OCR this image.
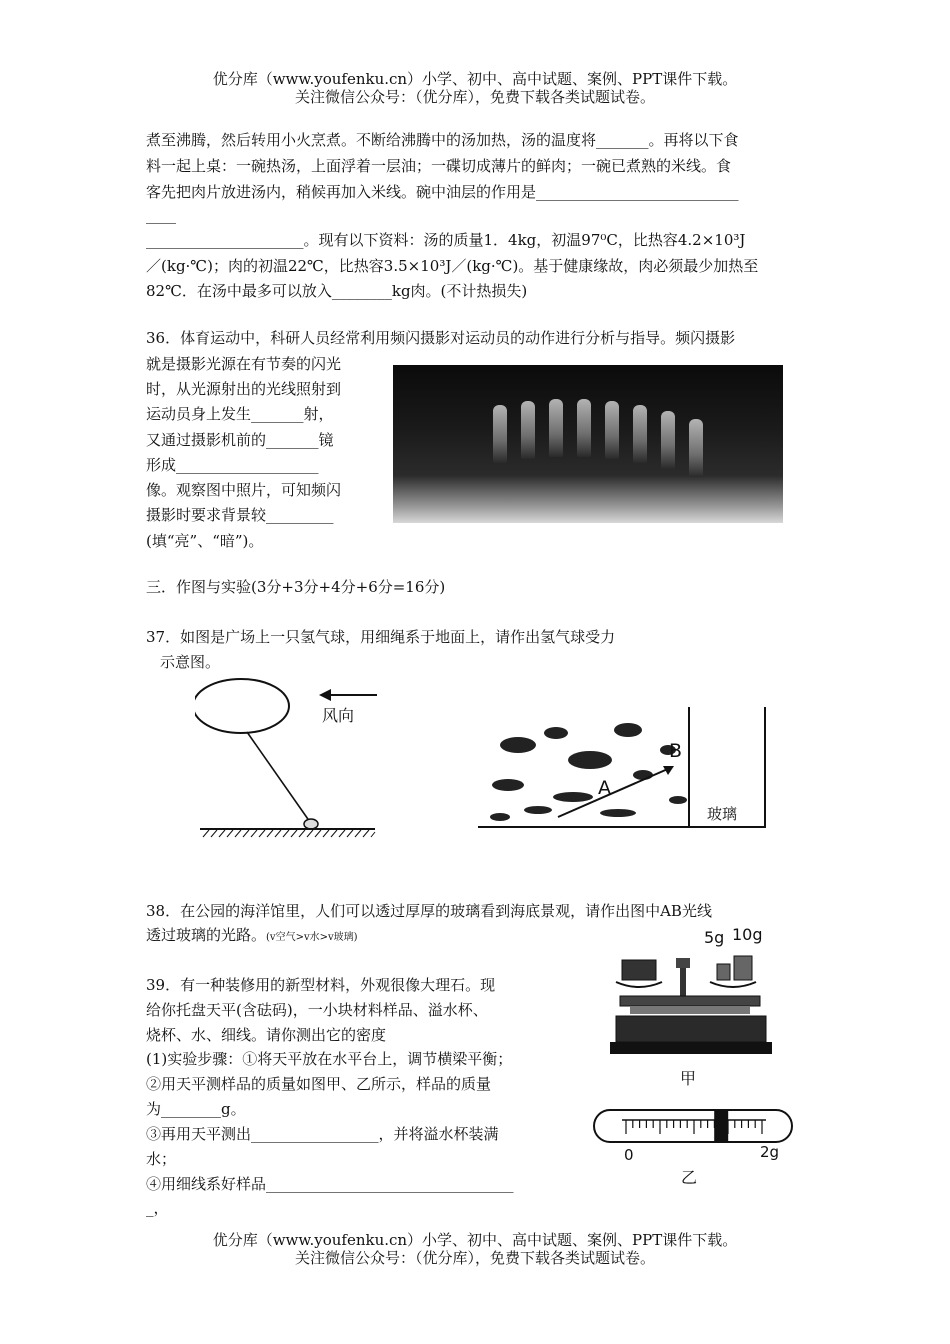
优分库（www.youfenku.cn）小学、初中、高中试题、案例、PPT课件下载。
关注微信公众号：（优分库），免费下载各类试题试卷。
煮至沸腾，然后转用小火烹煮。不断给沸腾中的汤加热，汤的温度将_______。再将以下食
料一起上桌：一碗热汤，上面浮着一层油；一碟切成薄片的鲜肉；一碗已煮熟的米线。食
客先把肉片放进汤内，稍候再加入米线。碗中油层的作用是___________________________
____
_____________________。现有以下资料：汤的质量1．4kg，初温97⁰C，比热容4.2×10³J
／(kg·℃)；肉的初温22℃，比热容3.5×10³J／(kg·℃)。基于健康缘故，肉必须最少加热至
82℃．在汤中最多可以放入________kg肉。(不计热损失)
36．体育运动中，科研人员经常利用频闪摄影对运动员的动作进行分析与指导。频闪摄影
就是摄影光源在有节奏的闪光
时，从光源射出的光线照射到
运动员身上发生_______射，
又通过摄影机前的_______镜
形成___________________
像。观察图中照片，可知频闪
摄影时要求背景较_________
(填“亮”、“暗”)。
三．作图与实验(3分+3分+4分+6分=16分)
37．如图是广场上一只氢气球，用细绳系于地面上，请作出氢气球受力
示意图。
风向
A
B
玻璃
38．在公园的海洋馆里，人们可以透过厚厚的玻璃看到海底景观，请作出图中AB光线
透过玻璃的光路。(v空气>v水>v玻璃)
39．有一种装修用的新型材料，外观很像大理石。现
给你托盘天平(含砝码)，一小块材料样品、溢水杯、
烧杯、水、细线。请你测出它的密度
(1)实验步骤：①将天平放在水平台上，调节横梁平衡；
②用天平测样品的质量如图甲、乙所示，样品的质量
为________g。
③再用天平测出_________________，并将溢水杯装满
水；
④用细线系好样品_________________________________
_，
5g 10g
甲
0	2g
乙
优分库（www.youfenku.cn）小学、初中、高中试题、案例、PPT课件下载。
关注微信公众号：（优分库），免费下载各类试题试卷。
